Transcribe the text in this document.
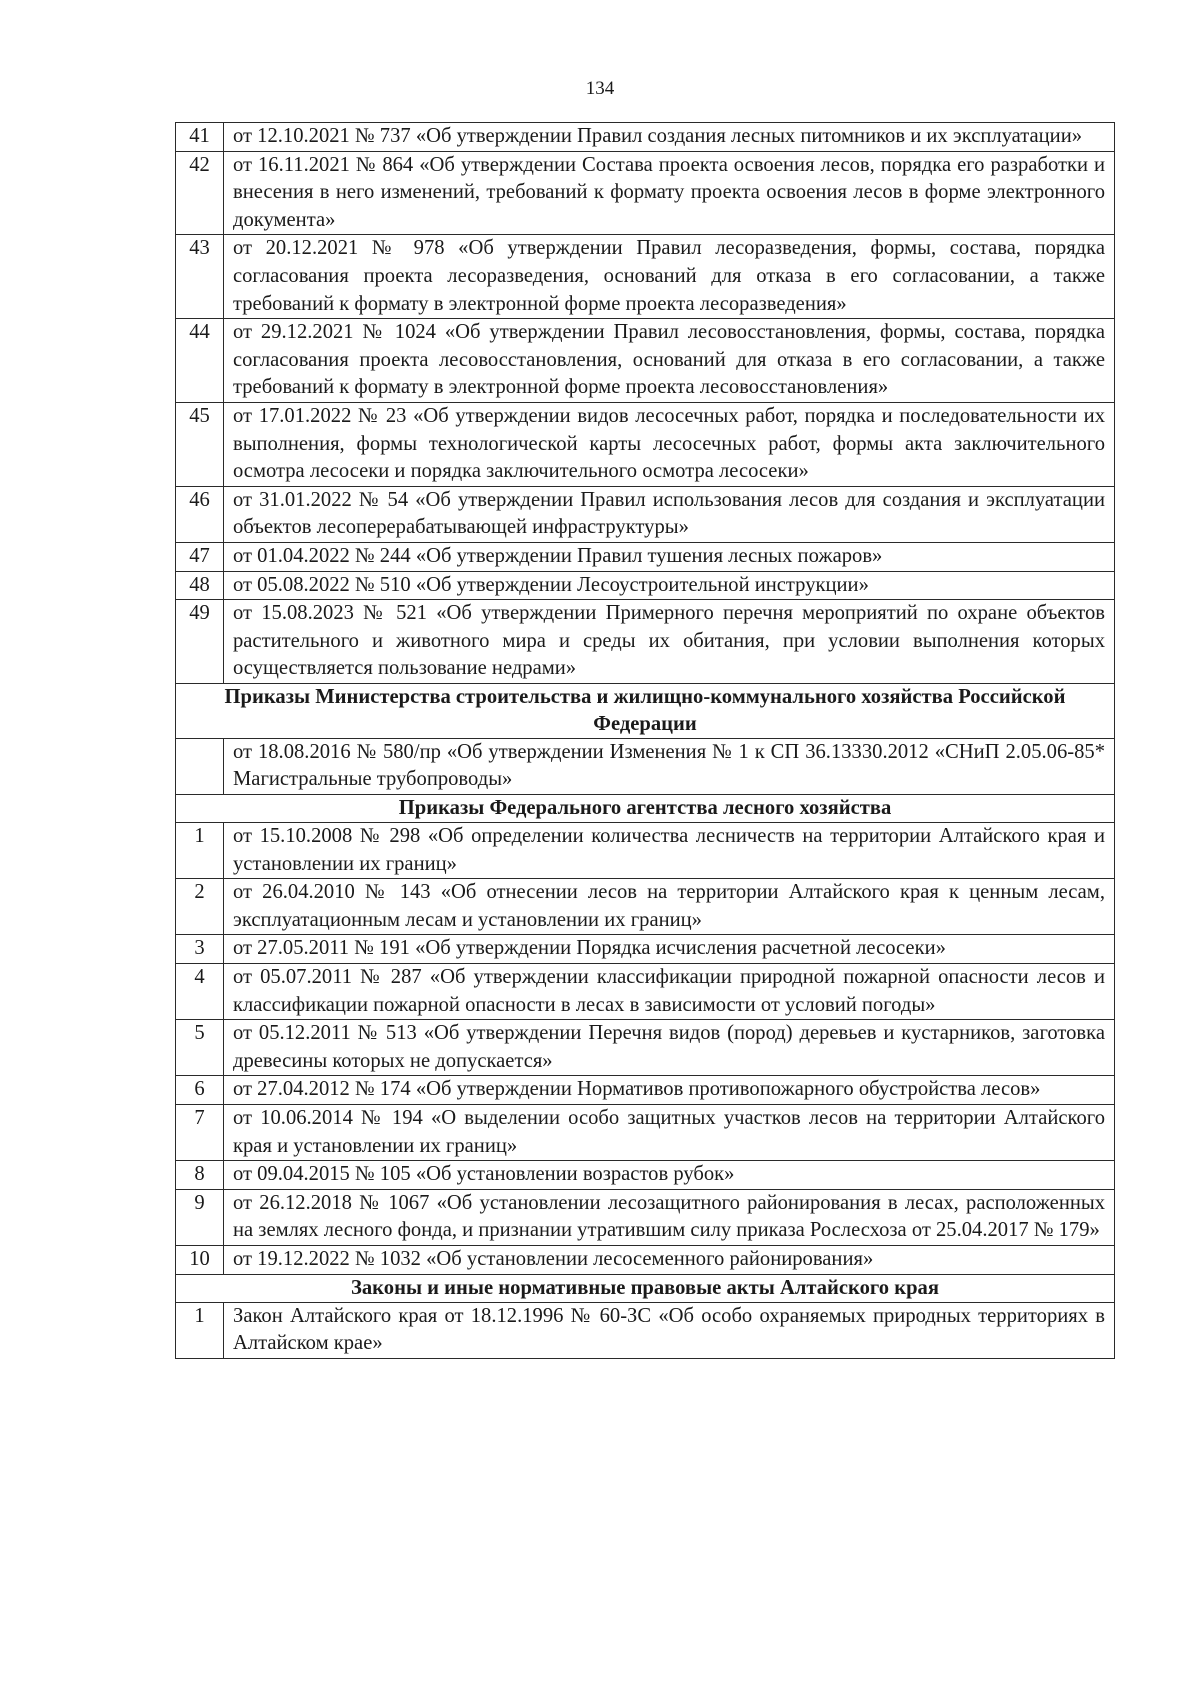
134
41	от 12.10.2021 № 737 «Об утверждении Правил создания лесных питомников и их эксплуатации»
42	от 16.11.2021 № 864 «Об утверждении Состава проекта освоения лесов, порядка его разработки и внесения в него изменений, требований к формату проекта освоения лесов в форме электронного документа»
43	от 20.12.2021 № 978 «Об утверждении Правил лесоразведения, формы, состава, порядка согласования проекта лесоразведения, оснований для отказа в его согласовании, а также требований к формату в электронной форме проекта лесоразведения»
44	от 29.12.2021 № 1024 «Об утверждении Правил лесовосстановления, формы, состава, порядка согласования проекта лесовосстановления, оснований для отказа в его согласовании, а также требований к формату в электронной форме проекта лесовосстановления»
45	от 17.01.2022 № 23 «Об утверждении видов лесосечных работ, порядка и последовательности их выполнения, формы технологической карты лесосечных работ, формы акта заключительного осмотра лесосеки и порядка заключительного осмотра лесосеки»
46	от 31.01.2022 № 54 «Об утверждении Правил использования лесов для создания и эксплуатации объектов лесоперерабатывающей инфраструктуры»
47	от 01.04.2022 № 244 «Об утверждении Правил тушения лесных пожаров»
48	от 05.08.2022 № 510 «Об утверждении Лесоустроительной инструкции»
49	от 15.08.2023 № 521 «Об утверждении Примерного перечня мероприятий по охране объектов растительного и животного мира и среды их обитания, при условии выполнения которых осуществляется пользование недрами»
Приказы Министерства строительства и жилищно-коммунального хозяйства Российской Федерации	
	от 18.08.2016 № 580/пр «Об утверждении Изменения № 1 к СП 36.13330.2012 «СНиП 2.05.06-85* Магистральные трубопроводы»
Приказы Федерального агентства лесного хозяйства	
1	от 15.10.2008 № 298 «Об определении количества лесничеств на территории Алтайского края и установлении их границ»
2	от 26.04.2010 № 143 «Об отнесении лесов на территории Алтайского края к ценным лесам, эксплуатационным лесам и установлении их границ»
3	от 27.05.2011 № 191 «Об утверждении Порядка исчисления расчетной лесосеки»
4	от 05.07.2011 № 287 «Об утверждении классификации природной пожарной опасности лесов и классификации пожарной опасности в лесах в зависимости от условий погоды»
5	от 05.12.2011 № 513 «Об утверждении Перечня видов (пород) деревьев и кустарников, заготовка древесины которых не допускается»
6	от 27.04.2012 № 174 «Об утверждении Нормативов противопожарного обустройства лесов»
7	от 10.06.2014 № 194 «О выделении особо защитных участков лесов на территории Алтайского края и установлении их границ»
8	от 09.04.2015 № 105 «Об установлении возрастов рубок»
9	от 26.12.2018 № 1067 «Об установлении лесозащитного районирования в лесах, расположенных на землях лесного фонда, и признании утратившим силу приказа Рослесхоза от 25.04.2017 № 179»
10	от 19.12.2022 № 1032 «Об установлении лесосеменного районирования»
Законы и иные нормативные правовые акты Алтайского края	
1	Закон Алтайского края от 18.12.1996 № 60-ЗС «Об особо охраняемых природных территориях в Алтайском крае»
